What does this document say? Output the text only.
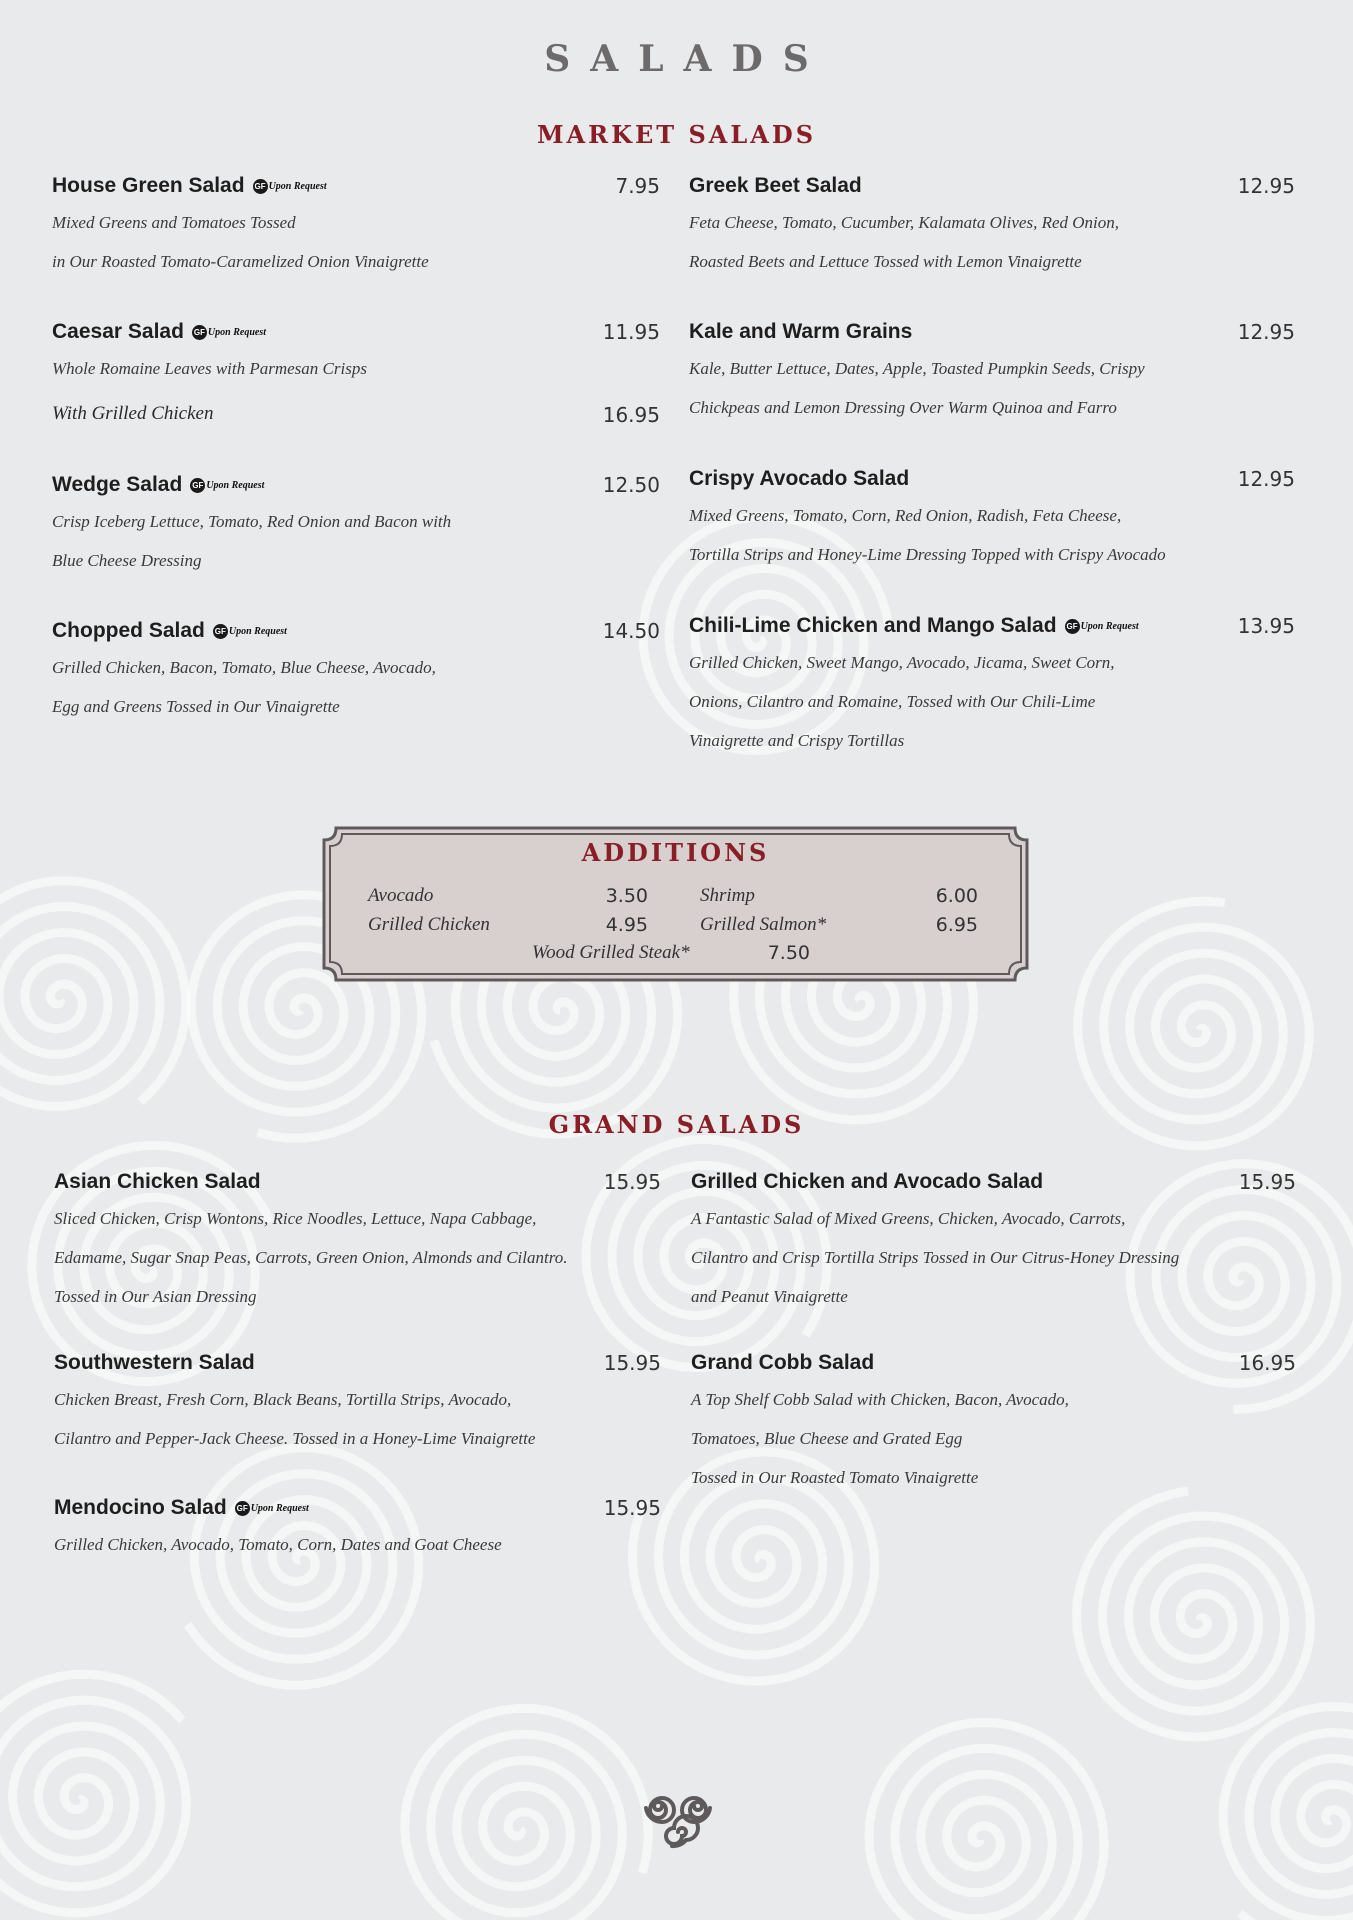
SALADS
MARKET SALADS
House Green Salad GF Upon Request	7.95
Mixed Greens and Tomatoes Tossed
in Our Roasted Tomato-Caramelized Onion Vinaigrette
Caesar Salad GF Upon Request	11.95
Whole Romaine Leaves with Parmesan Crisps
With Grilled Chicken	16.95
Wedge Salad GF Upon Request	12.50
Crisp Iceberg Lettuce, Tomato, Red Onion and Bacon with
Blue Cheese Dressing
Chopped Salad GF Upon Request	14.50
Grilled Chicken, Bacon, Tomato, Blue Cheese, Avocado,
Egg and Greens Tossed in Our Vinaigrette
Greek Beet Salad	12.95
Feta Cheese, Tomato, Cucumber, Kalamata Olives, Red Onion,
Roasted Beets and Lettuce Tossed with Lemon Vinaigrette
Kale and Warm Grains	12.95
Kale, Butter Lettuce, Dates, Apple, Toasted Pumpkin Seeds, Crispy
Chickpeas and Lemon Dressing Over Warm Quinoa and Farro
Crispy Avocado Salad	12.95
Mixed Greens, Tomato, Corn, Red Onion, Radish, Feta Cheese,
Tortilla Strips and Honey-Lime Dressing Topped with Crispy Avocado
Chili-Lime Chicken and Mango Salad GF Upon Request	13.95
Grilled Chicken, Sweet Mango, Avocado, Jicama, Sweet Corn,
Onions, Cilantro and Romaine, Tossed with Our Chili-Lime
Vinaigrette and Crispy Tortillas
ADDITIONS
Avocado	3.50
Grilled Chicken	4.95
Shrimp	6.00
Grilled Salmon*	6.95
Wood Grilled Steak*	7.50
GRAND SALADS
Asian Chicken Salad	15.95
Sliced Chicken, Crisp Wontons, Rice Noodles, Lettuce, Napa Cabbage,
Edamame, Sugar Snap Peas, Carrots, Green Onion, Almonds and Cilantro.
Tossed in Our Asian Dressing
Southwestern Salad	15.95
Chicken Breast, Fresh Corn, Black Beans, Tortilla Strips, Avocado,
Cilantro and Pepper-Jack Cheese. Tossed in a Honey-Lime Vinaigrette
Mendocino Salad GF Upon Request	15.95
Grilled Chicken, Avocado, Tomato, Corn, Dates and Goat Cheese
Grilled Chicken and Avocado Salad	15.95
A Fantastic Salad of Mixed Greens, Chicken, Avocado, Carrots,
Cilantro and Crisp Tortilla Strips Tossed in Our Citrus-Honey Dressing
and Peanut Vinaigrette
Grand Cobb Salad	16.95
A Top Shelf Cobb Salad with Chicken, Bacon, Avocado,
Tomatoes, Blue Cheese and Grated Egg
Tossed in Our Roasted Tomato Vinaigrette
